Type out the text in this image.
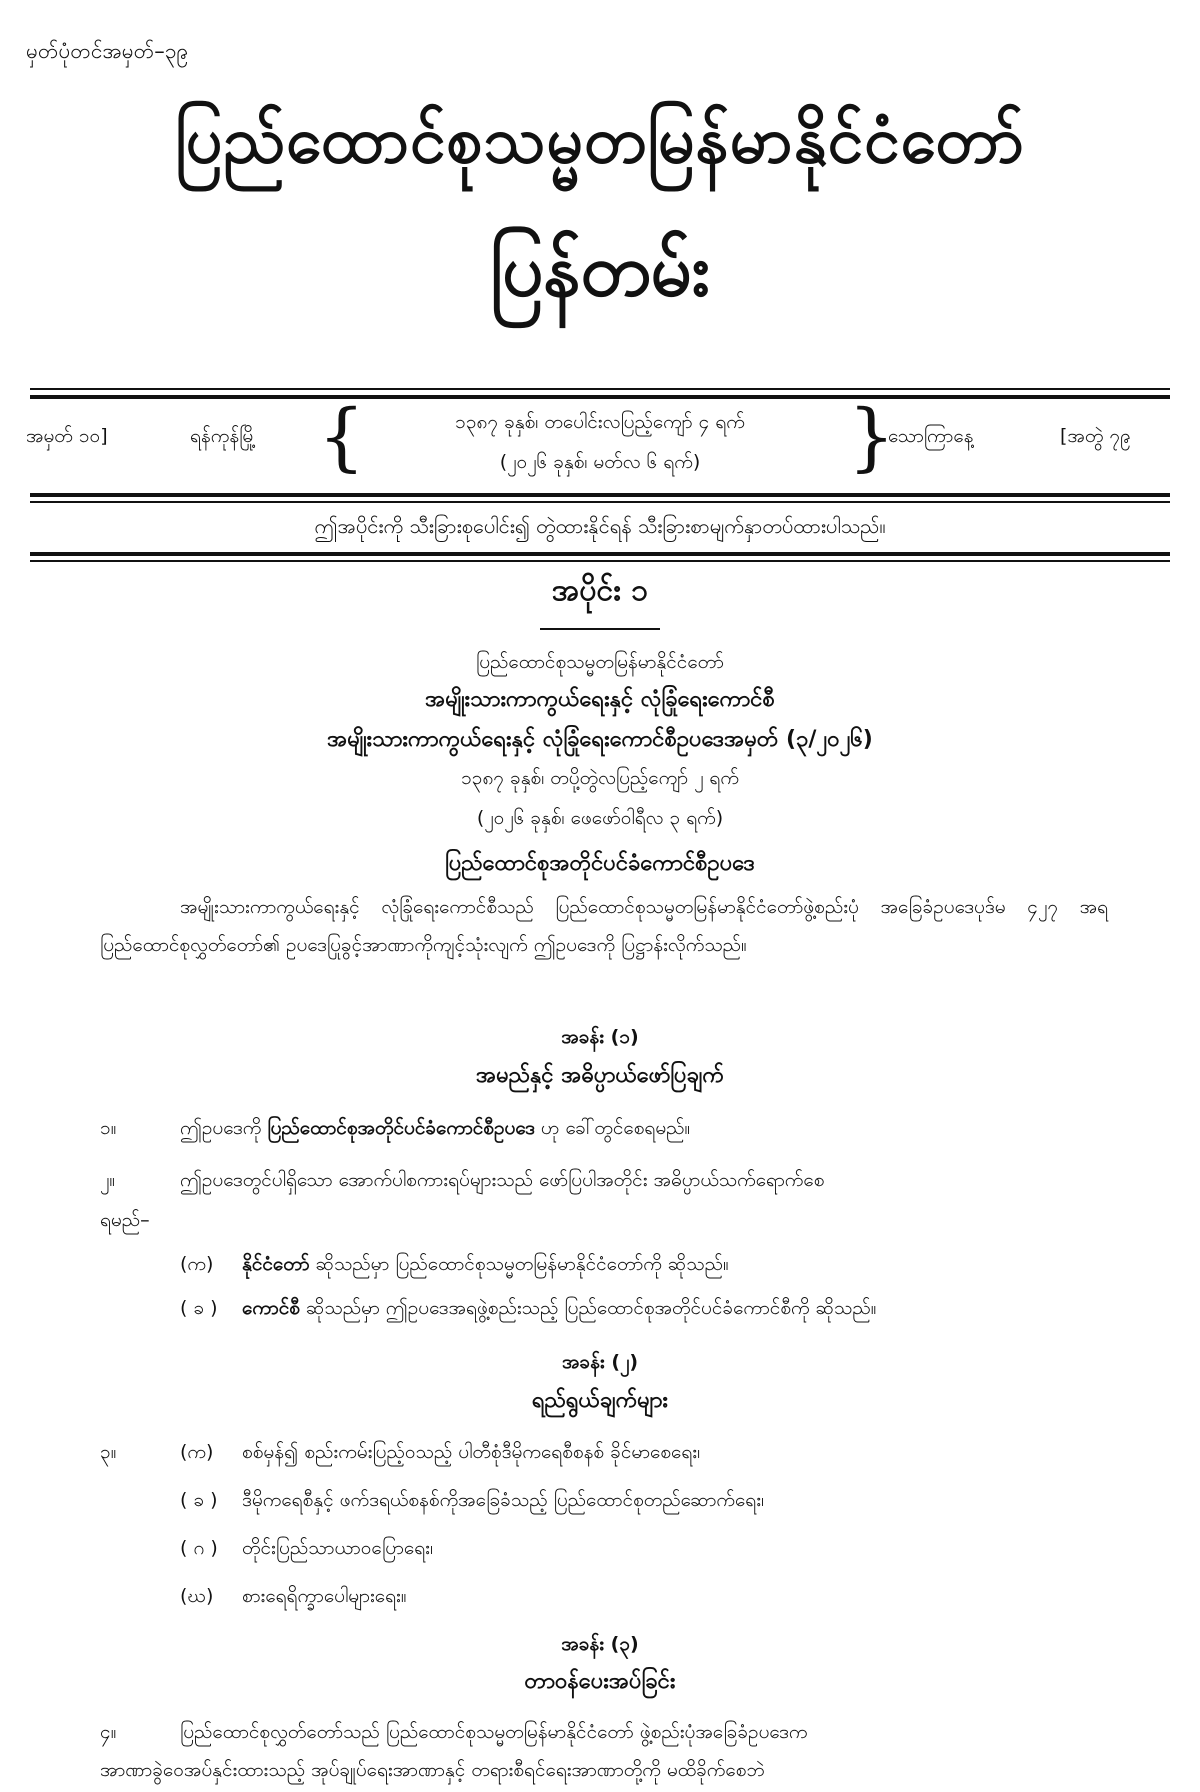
မှတ်ပုံတင်အမှတ်–၃၉
ပြည်ထောင်စုသမ္မတမြန်မာနိုင်ငံတော်
ပြန်တမ်း
အမှတ် ၁၀]	ရန်ကုန်မြို့ {	၁၃၈၇ ခုနှစ်၊ တပေါင်းလပြည့်ကျော် ၄ ရက်
(၂၀၂၆ ခုနှစ်၊ မတ်လ ၆ ရက်)	}
သောကြာနေ့	[အတွဲ ၇၉
ဤအပိုင်းကို သီးခြားစုပေါင်း၍ တွဲထားနိုင်ရန် သီးခြားစာမျက်နှာတပ်ထားပါသည်။
အပိုင်း ၁
ပြည်ထောင်စုသမ္မတမြန်မာနိုင်ငံတော်
အမျိုးသားကာကွယ်ရေးနှင့် လုံခြုံရေးကောင်စီ
အမျိုးသားကာကွယ်ရေးနှင့် လုံခြုံရေးကောင်စီဥပဒေအမှတ် (၃/၂၀၂၆)
၁၃၈၇ ခုနှစ်၊ တပို့တွဲလပြည့်ကျော် ၂ ရက်
(၂၀၂၆ ခုနှစ်၊ ဖေဖော်ဝါရီလ ၃ ရက်)
ပြည်ထောင်စုအတိုင်ပင်ခံကောင်စီဥပဒေ
အမျိုးသားကာကွယ်ရေးနှင့် လုံခြုံရေးကောင်စီသည် ပြည်ထောင်စုသမ္မတမြန်မာနိုင်ငံတော်ဖွဲ့စည်းပုံ အခြေခံဥပဒေပုဒ်မ ၄၂၇ အရ ပြည်ထောင်စုလွှတ်တော်၏ ဥပဒေပြုခွင့်အာဏာကိုကျင့်သုံးလျက် ဤဥပဒေကို ပြဋ္ဌာန်းလိုက်သည်။
အခန်း (၁)
အမည်နှင့် အဓိပ္ပာယ်ဖော်ပြချက်
၁။	ဤဥပဒေကို ပြည်ထောင်စုအတိုင်ပင်ခံကောင်စီဥပဒေ ဟု ခေါ်တွင်စေရမည်။
၂။	ဤဥပဒေတွင်ပါရှိသော အောက်ပါစကားရပ်များသည် ဖော်ပြပါအတိုင်း အဓိပ္ပာယ်သက်ရောက်စေ
ရမည်–
(က) နိုင်ငံတော် ဆိုသည်မှာ ပြည်ထောင်စုသမ္မတမြန်မာနိုင်ငံတော်ကို ဆိုသည်။
( ခ ) ကောင်စီ ဆိုသည်မှာ ဤဥပဒေအရဖွဲ့စည်းသည့် ပြည်ထောင်စုအတိုင်ပင်ခံကောင်စီကို ဆိုသည်။
အခန်း (၂)
ရည်ရွယ်ချက်များ
၃။	(က) စစ်မှန်၍ စည်းကမ်းပြည့်ဝသည့် ပါတီစုံဒီမိုကရေစီစနစ် ခိုင်မာစေရေး၊
( ခ ) ဒီမိုကရေစီနှင့် ဖက်ဒရယ်စနစ်ကိုအခြေခံသည့် ပြည်ထောင်စုတည်ဆောက်ရေး၊
( ဂ ) တိုင်းပြည်သာယာဝပြောရေး၊
(ဃ) စားရေရိက္ခာပေါများရေး။
အခန်း (၃)
တာဝန်ပေးအပ်ခြင်း
၄။	ပြည်ထောင်စုလွှတ်တော်သည် ပြည်ထောင်စုသမ္မတမြန်မာနိုင်ငံတော် ဖွဲ့စည်းပုံအခြေခံဥပဒေက
အာဏာခွဲဝေအပ်နှင်းထားသည့် အုပ်ချုပ်ရေးအာဏာနှင့် တရားစီရင်ရေးအာဏာတို့ကို မထိခိုက်စေဘဲ
